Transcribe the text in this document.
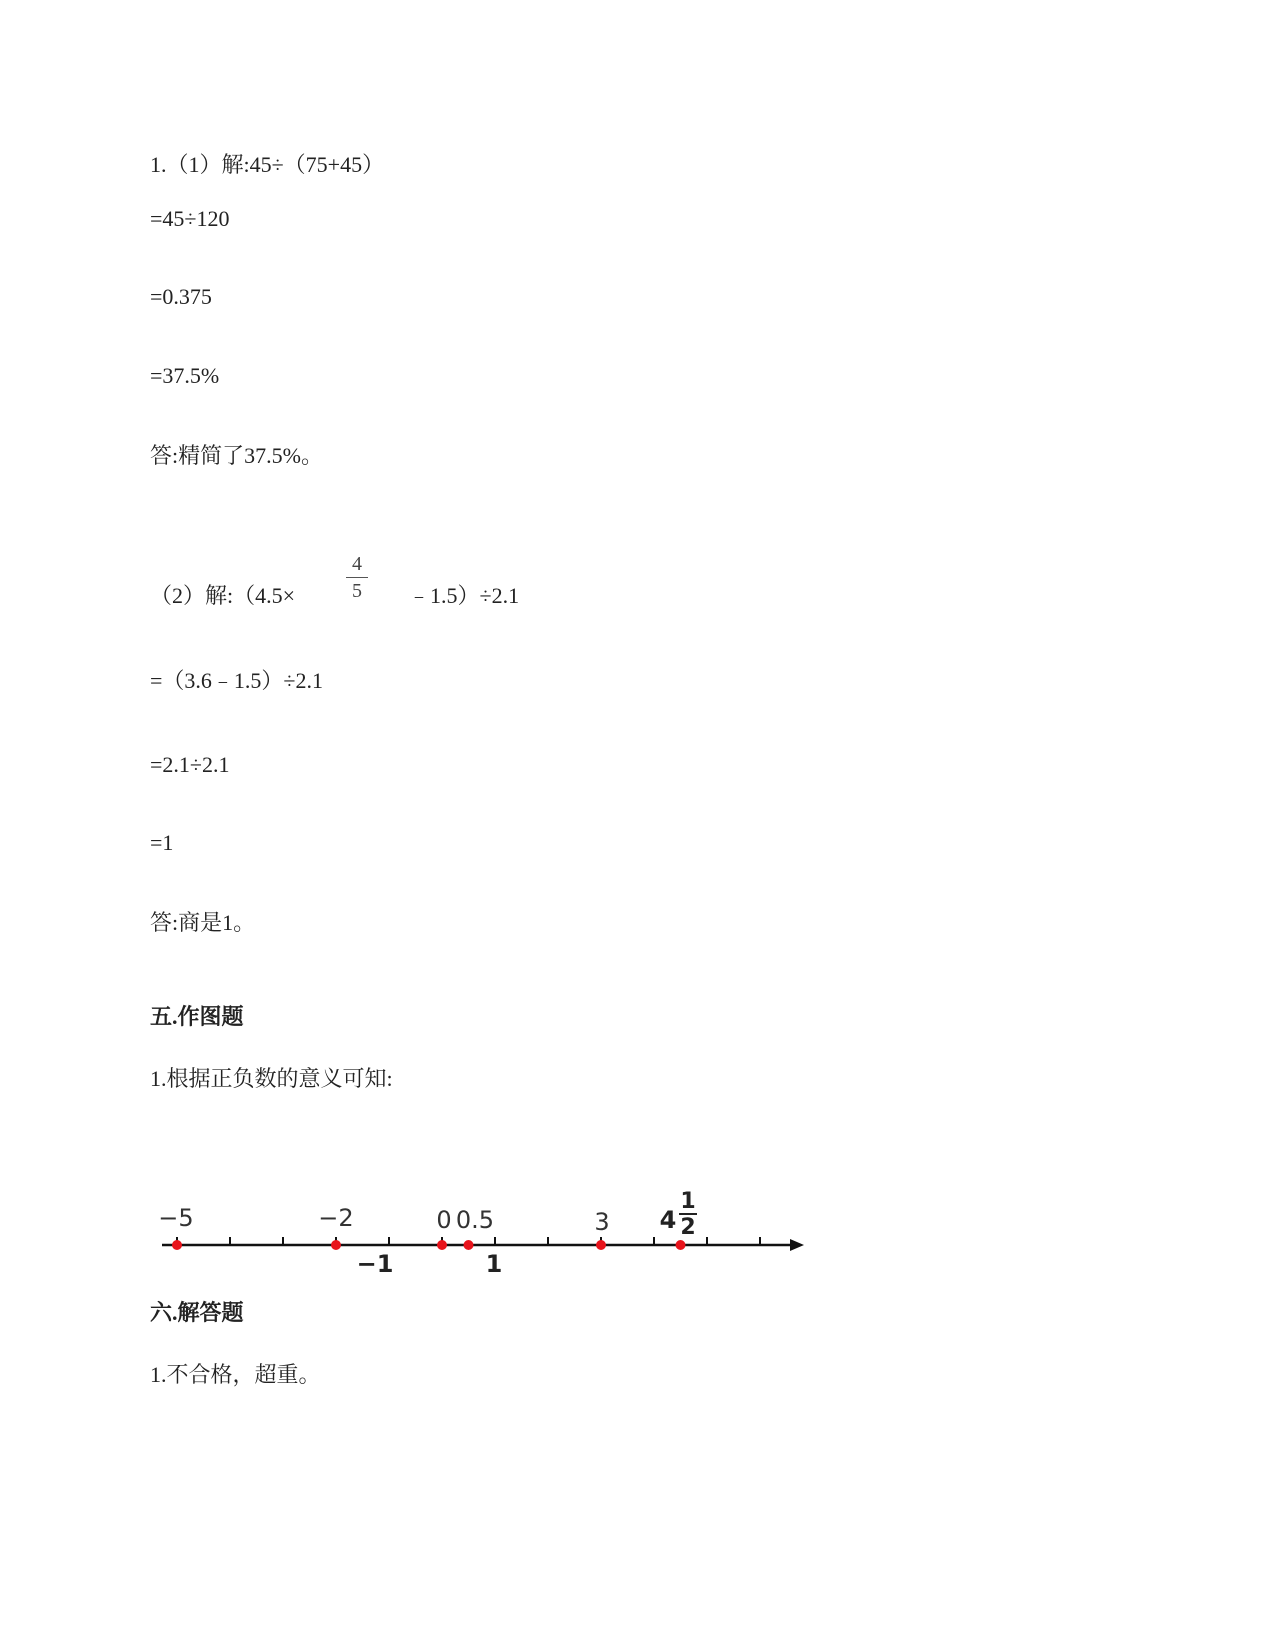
1.（1）解:45÷（75+45）
=45÷120
=0.375
=37.5%
答:精简了37.5%。
（2）解:（4.5×
4
5	﹣1.5）÷2.1
=（3.6﹣1.5）÷2.1
=2.1÷2.1
=1
答:商是1。
五.作图题
1.根据正负数的意义可知:
−5	−2	0 0.5	3 4
1
2
−1	1
六.解答题
1.不合格，超重。
